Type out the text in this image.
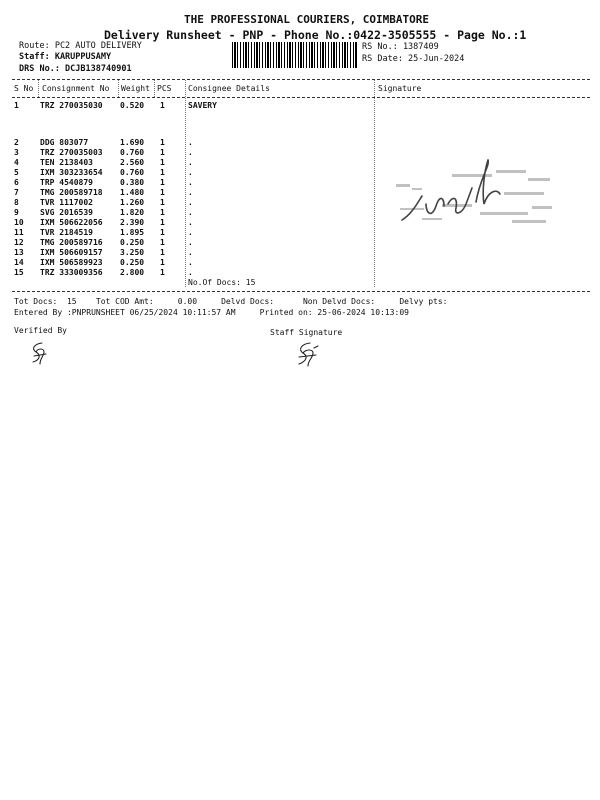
THE PROFESSIONAL COURIERS, COIMBATORE
Delivery Runsheet - PNP - Phone No.:0422-3505555 - Page No.:1
Route: PC2 AUTO DELIVERY
Staff: KARUPPUSAMY
DRS No.: DCJB138740901
RS No.: 1387409
RS Date: 25-Jun-2024
S No Consignment No Weight PCS Consignee Details	Signature
1	TRZ 270035030 0.520 1	SAVERY
2	DDG 803077	1.690 1	.
3	TRZ 270035003 0.760 1	.
4	TEN 2138403	2.560 1	.
5	IXM 303233654 0.760 1	.
6	TRP 4540879	0.380 1	.
7	TMG 200589718 1.480 1	.
8	TVR 1117002	1.260 1	.
9	SVG 2016539	1.820 1	.
10 IXM 506622056 2.390 1	.
11 TVR 2184519	1.895 1	.
12 TMG 200589716 0.250 1	.
13 IXM 506609157 3.250 1	.
14 IXM 506589923 0.250 1	.
15 TRZ 333009356 2.800 1	.
No.Of Docs: 15
Tot Docs:  15    Tot COD Amt:     0.00     Delvd Docs:      Non Delvd Docs:     Delvy pts:
Entered By :PNPRUNSHEET 06/25/2024 10:11:57 AM     Printed on: 25-06-2024 10:13:09
Verified By	Staff Signature
